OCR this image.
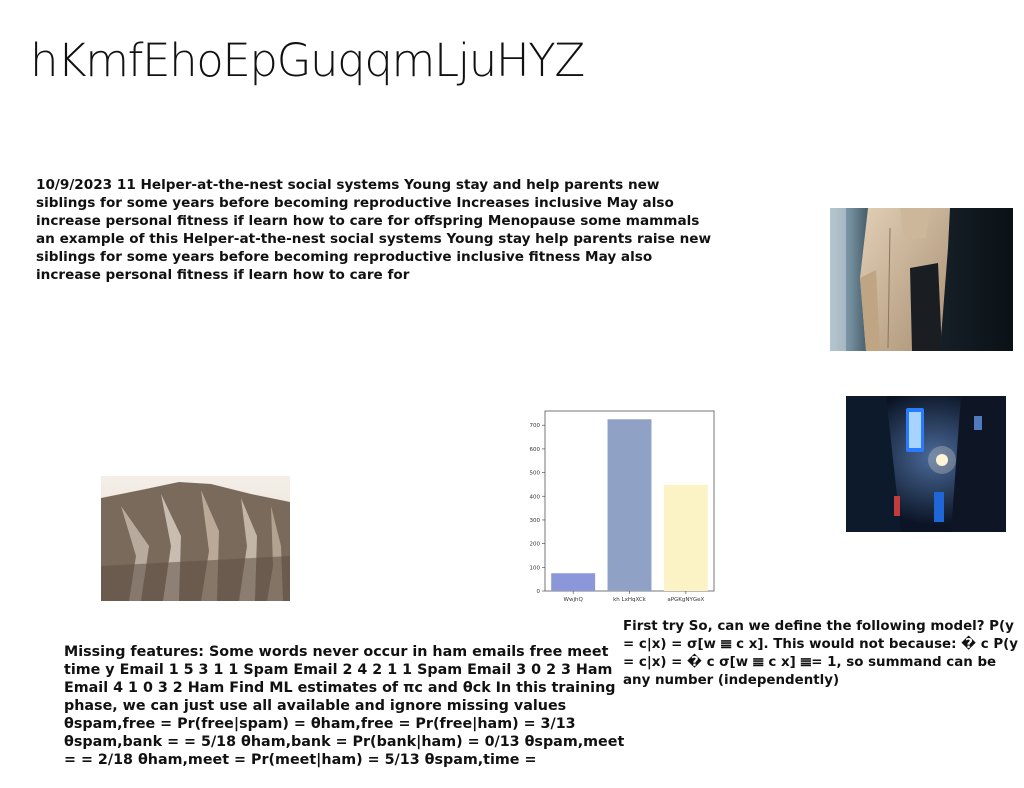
hKmfEhoEpGuqqmLjuHYZ

10/9/2023 11 Helper-at-the-nest social systems Young stay and help parents new siblings for some years before becoming reproductive Increases inclusive May also increase personal fitness if learn how to care for offspring Menopause some mammals an example of this Helper-at-the-nest social systems Young stay help parents raise new siblings for some years before becoming reproductive inclusive fitness May also increase personal fitness if learn how to care for

0
100
200
300
400
500
600
700
WwjhQ	kh LxHqXCk	aPGKgNYGeX

First try So, can we define the following model? P(y = c|x) = σ[w 𝍣 c x]. This would not because: � c P(y = c|x) = � c σ[w 𝍣 c x] 𝍣= 1, so summand can be any number (independently)

Missing features: Some words never occur in ham emails free meet time y Email 1 5 3 1 1 Spam Email 2 4 2 1 1 Spam Email 3 0 2 3 Ham Email 4 1 0 3 2 Ham Find ML estimates of πc and θck In this training phase, we can just use all available and ignore missing values θspam,free = Pr(free|spam) = θham,free = Pr(free|ham) = 3/13 θspam,bank = = 5/18 θham,bank = Pr(bank|ham) = 0/13 θspam,meet = = 2/18 θham,meet = Pr(meet|ham) = 5/13 θspam,time =
